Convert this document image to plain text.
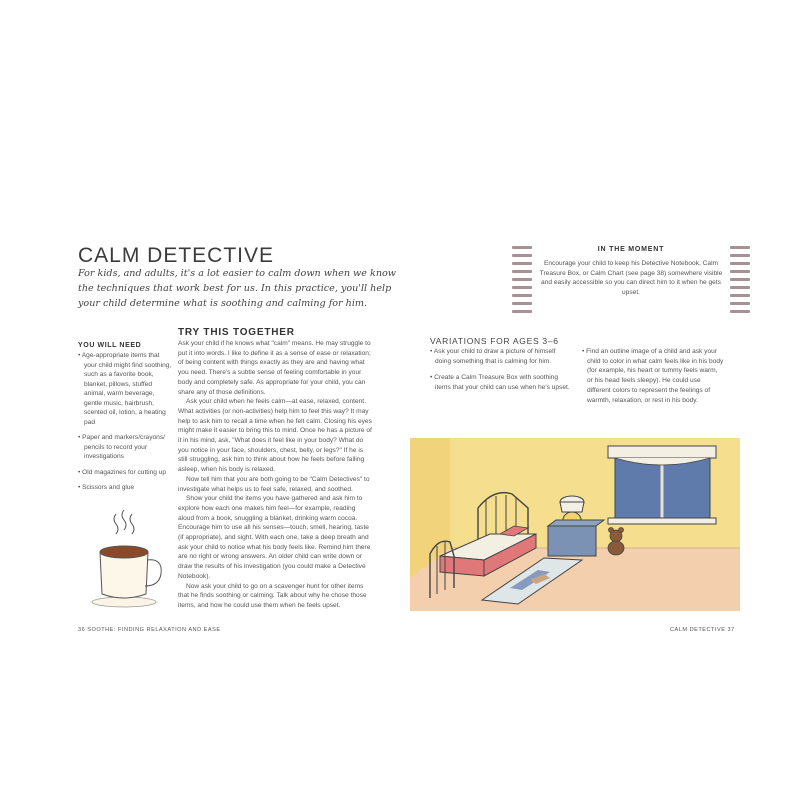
CALM DETECTIVE
For kids, and adults, it's a lot easier to calm down when we know the techniques that work best for us. In this practice, you'll help your child determine what is soothing and calming for him.
YOU WILL NEED
• Age-appropriate items that your child might find soothing, such as a favorite book, blanket, pillows, stuffed animal, warm beverage, gentle music, hairbrush, scented oil, lotion, a heating pad
• Paper and markers/crayons/ pencils to record your investigations
• Old magazines for cutting up
• Scissors and glue
TRY THIS TOGETHER

Ask your child if he knows what "calm" means. He may struggle to put it into words. I like to define it as a sense of ease or relaxation; of being content with things exactly as they are and having what you need. There's a subtle sense of feeling comfortable in your body and completely safe. As appropriate for your child, you can share any of those definitions.

Ask your child when he feels calm—at ease, relaxed, content. What activities (or non-activities) help him to feel this way? It may help to ask him to recall a time when he felt calm. Closing his eyes might make it easier to bring this to mind. Once he has a picture of it in his mind, ask, "What does it feel like in your body? What do you notice in your face, shoulders, chest, belly, or legs?" If he is still struggling, ask him to think about how he feels before falling asleep, when his body is relaxed.

Now tell him that you are both going to be "Calm Detectives" to investigate what helps us to feel safe, relaxed, and soothed.

Show your child the items you have gathered and ask him to explore how each one makes him feel—for example, reading aloud from a book, snuggling a blanket, drinking warm cocoa. Encourage him to use all his senses—touch, smell, hearing, taste (if appropriate), and sight. With each one, take a deep breath and ask your child to notice what his body feels like. Remind him there are no right or wrong answers. An older child can write down or draw the results of his investigation (you could make a Detective Notebook).

Now ask your child to go on a scavenger hunt for other items that he finds soothing or calming. Talk about why he chose those items, and how he could use them when he feels upset.

36 SOOTHE: FINDING RELAXATION AND EASE
IN THE MOMENT
Encourage your child to keep his Detective Notebook, Calm Treasure Box, or Calm Chart (see page 38) somewhere visible and easily accessible so you can direct him to it when he gets upset.
VARIATIONS FOR AGES 3–6
• Ask your child to draw a picture of himself doing something that is calming for him.
• Create a Calm Treasure Box with soothing items that your child can use when he's upset.
• Find an outline image of a child and ask your child to color in what calm feels like in his body (for example, his heart or tummy feels warm, or his head feels sleepy). He could use different colors to represent the feelings of warmth, relaxation, or rest in his body.
CALM DETECTIVE 37
